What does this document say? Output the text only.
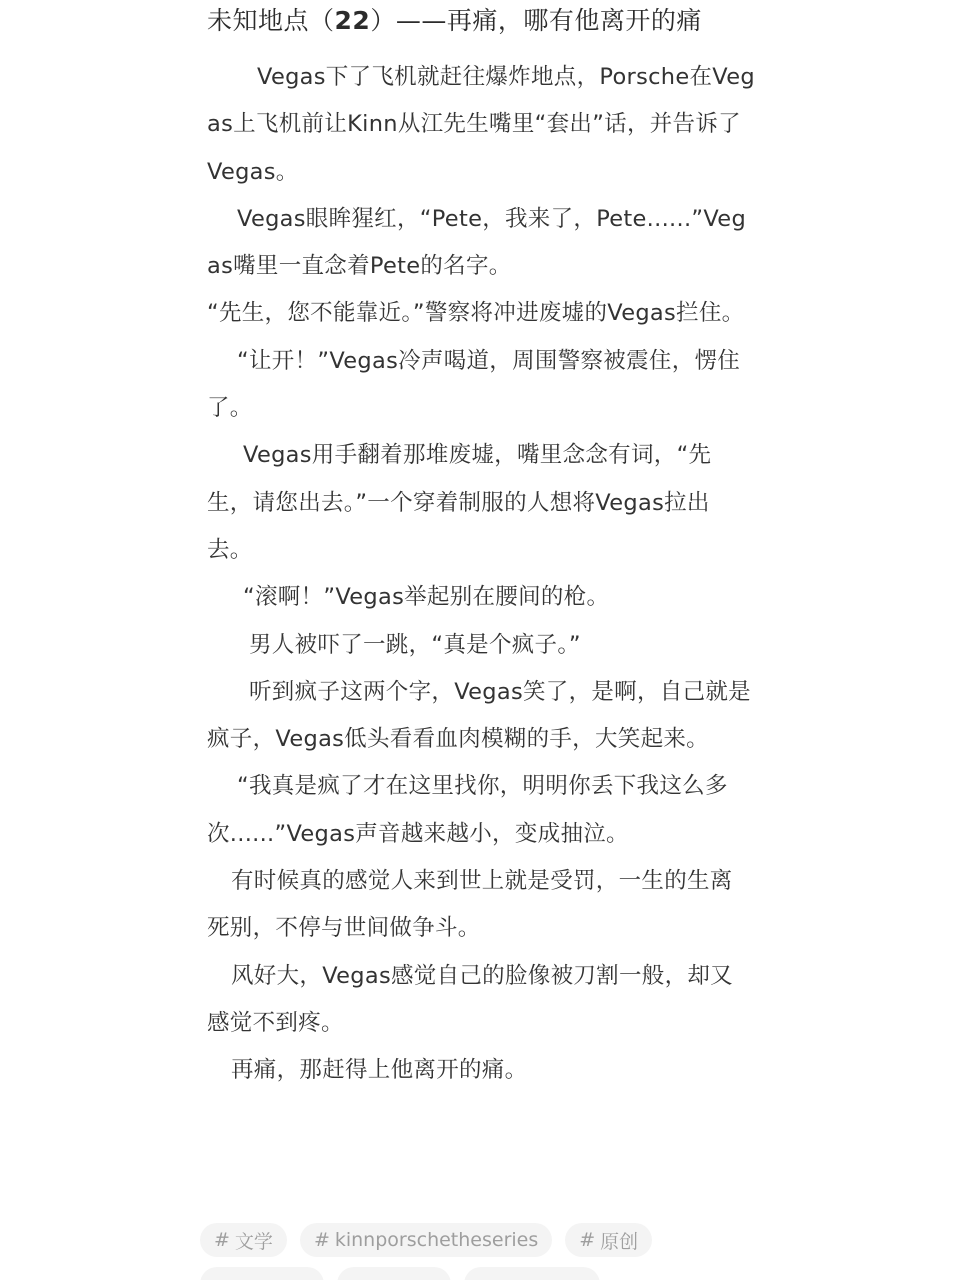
未知地点（22）——再痛，哪有他离开的痛

Vegas下了飞机就赶往爆炸地点，Porsche在Vegas上飞机前让Kinn从江先生嘴里“套出”话，并告诉了Vegas。

Vegas眼眸猩红，“Pete，我来了，Pete......”Vegas嘴里一直念着Pete的名字。

“先生，您不能靠近。”警察将冲进废墟的Vegas拦住。

“让开！”Vegas冷声喝道，周围警察被震住，愣住了。

Vegas用手翻着那堆废墟，嘴里念念有词，“先生，请您出去。”一个穿着制服的人想将Vegas拉出去。

“滚啊！”Vegas举起别在腰间的枪。

男人被吓了一跳，“真是个疯子。”

听到疯子这两个字，Vegas笑了，是啊，自己就是疯子，Vegas低头看看血肉模糊的手，大笑起来。

“我真是疯了才在这里找你，明明你丢下我这么多次......”Vegas声音越来越小，变成抽泣。

有时候真的感觉人来到世上就是受罚，一生的生离死别，不停与世间做争斗。

风好大，Vegas感觉自己的脸像被刀割一般，却又感觉不到疼。

再痛，那赶得上他离开的痛。

# 文学 # kinnporschetheseries # 原创
